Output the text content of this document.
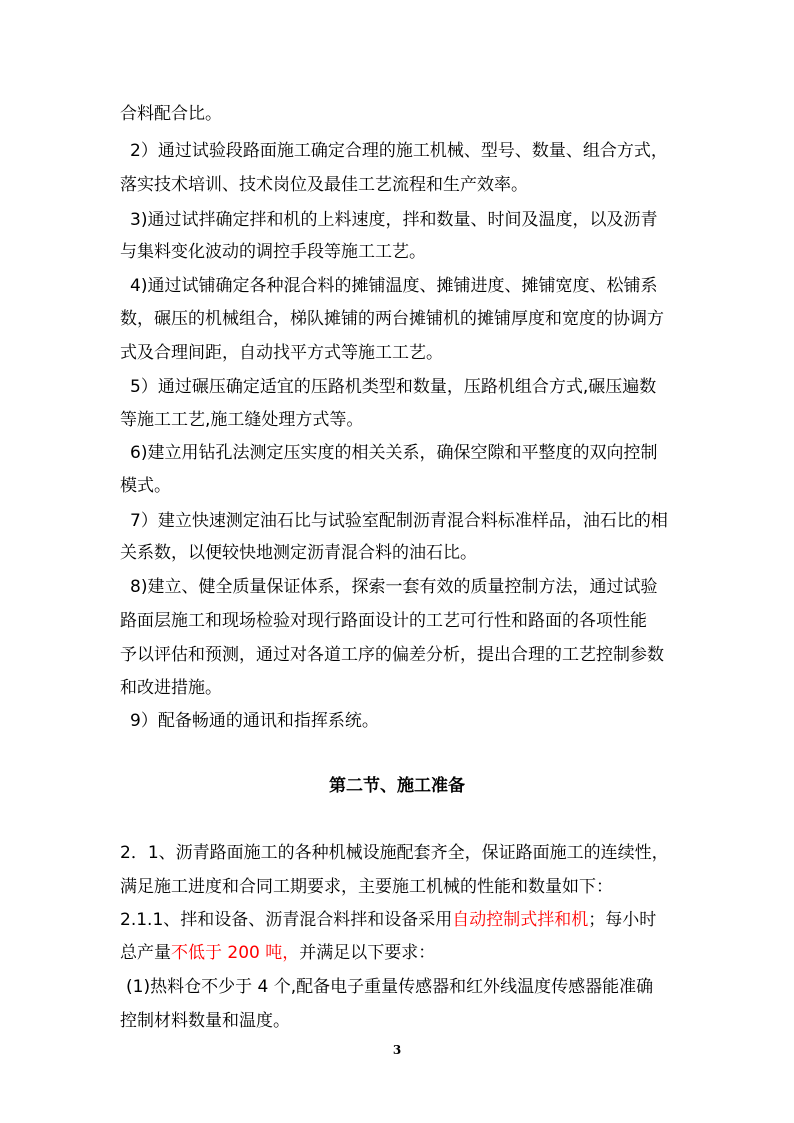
合料配合比。
2）通过试验段路面施工确定合理的施工机械、型号、数量、组合方式，
落实技术培训、技术岗位及最佳工艺流程和生产效率。
3)通过试拌确定拌和机的上料速度，拌和数量、时间及温度，以及沥青
与集料变化波动的调控手段等施工工艺。
4)通过试铺确定各种混合料的摊铺温度、摊铺进度、摊铺宽度、松铺系
数，碾压的机械组合，梯队摊铺的两台摊铺机的摊铺厚度和宽度的协调方
式及合理间距，自动找平方式等施工工艺。
5）通过碾压确定适宜的压路机类型和数量，压路机组合方式,碾压遍数
等施工工艺,施工缝处理方式等。
6)建立用钻孔法测定压实度的相关关系，确保空隙和平整度的双向控制
模式。
7）建立快速测定油石比与试验室配制沥青混合料标准样品，油石比的相
关系数，以便较快地测定沥青混合料的油石比。
8)建立、健全质量保证体系，探索一套有效的质量控制方法，通过试验
路面层施工和现场检验对现行路面设计的工艺可行性和路面的各项性能
予以评估和预测，通过对各道工序的偏差分析，提出合理的工艺控制参数
和改进措施。
9）配备畅通的通讯和指挥系统。
第二节、施工准备
2．1、沥青路面施工的各种机械设施配套齐全，保证路面施工的连续性，
满足施工进度和合同工期要求，主要施工机械的性能和数量如下：
2.1.1、拌和设备、沥青混合料拌和设备采用自动控制式拌和机；每小时
总产量不低于 200 吨，并满足以下要求：
(1)热料仓不少于 4 个,配备电子重量传感器和红外线温度传感器能准确
控制材料数量和温度。
3
